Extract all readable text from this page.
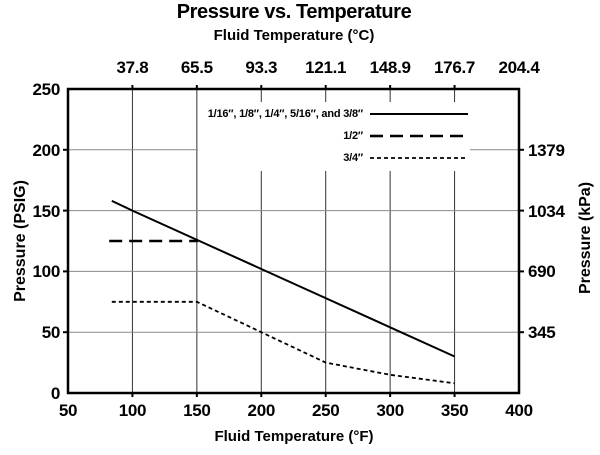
Pressure vs. Temperature
Fluid Temperature (°C)
37.8	65.5	93.3	121.1	148.9	176.7	204.4
50	100	150	200	250	300	350	400
250
200
150
100
50
0
1379
1034
690
345
Pressure (PSIG)	Pressure (kPa)
1/16″, 1/8″, 1/4″, 5/16″, and 3/8″
1/2″
3/4″
Fluid Temperature (°F)
